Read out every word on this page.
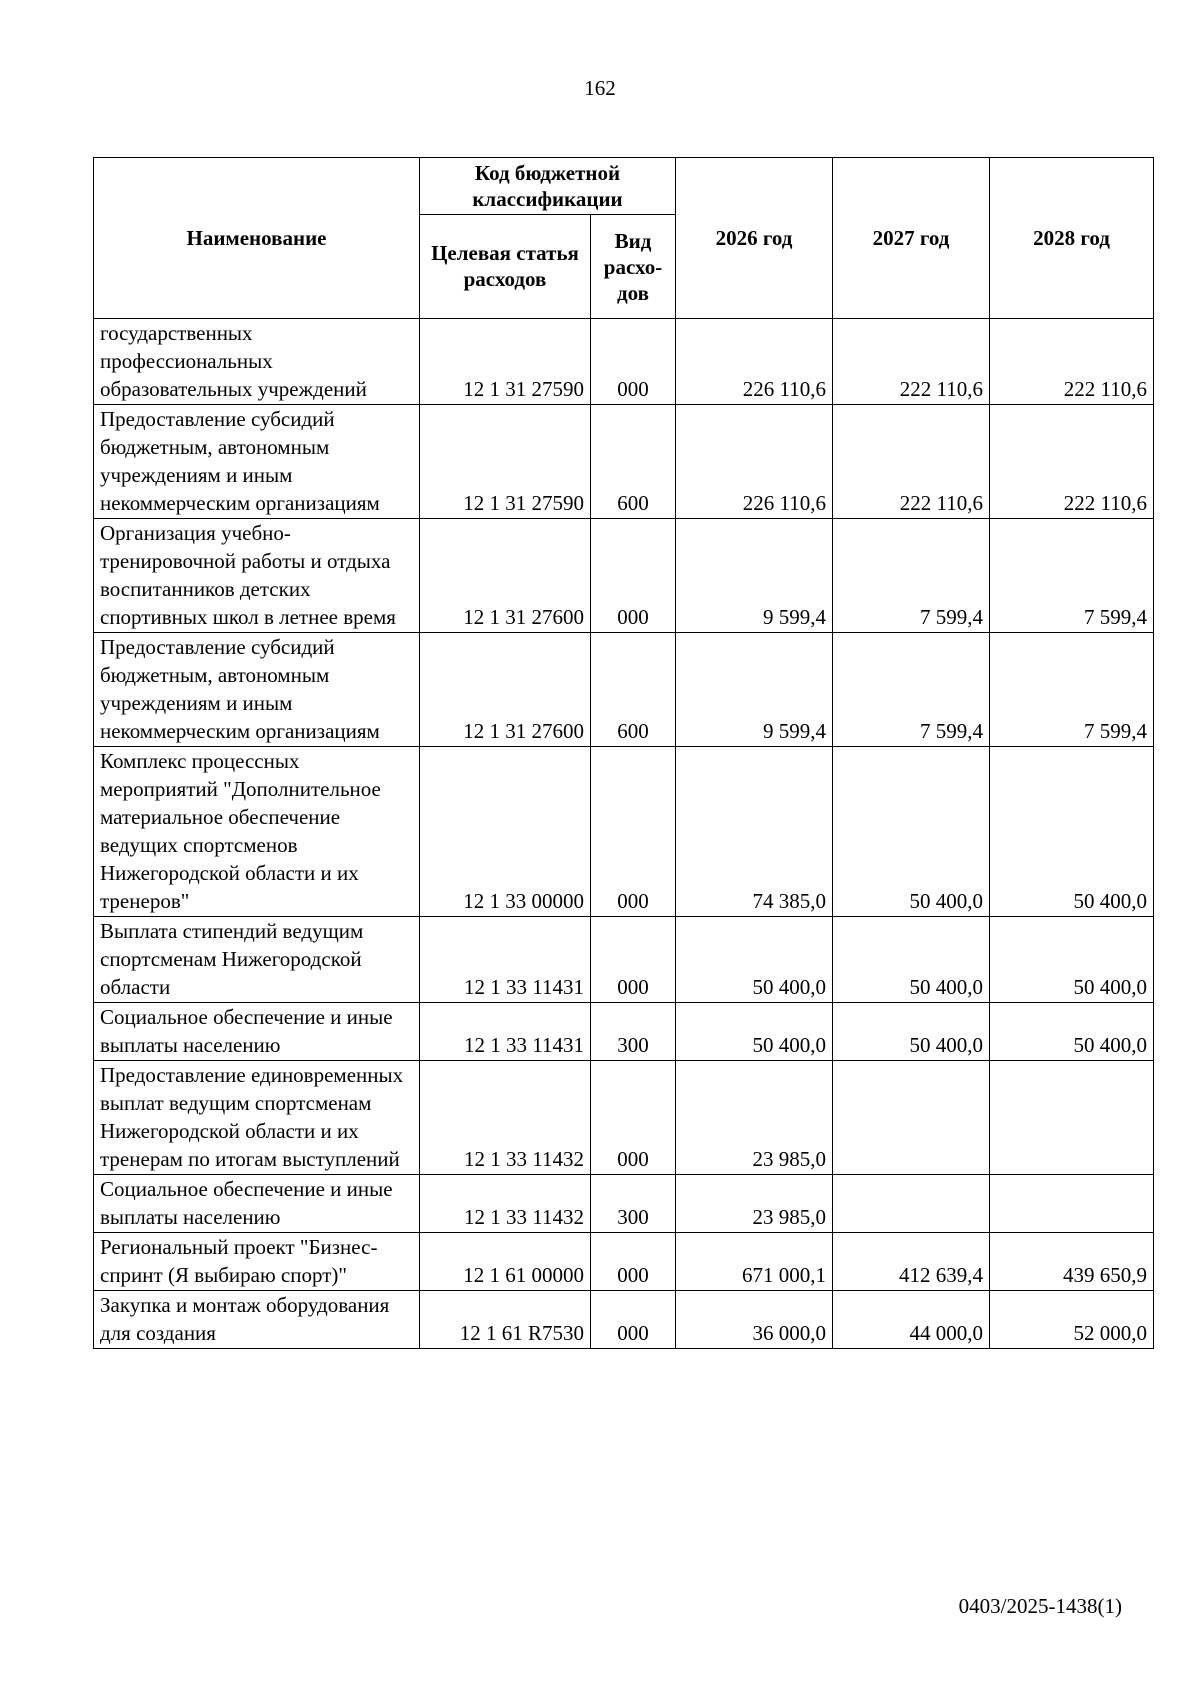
162
Наименование	Код бюджетной классификации		2026 год	2027 год	2028 год
	Целевая статья расходов	Вид расхо-дов			
государственных профессиональных образовательных учреждений	12 1 31 27590	000	226 110,6	222 110,6	222 110,6
Предоставление субсидий бюджетным, автономным учреждениям и иным некоммерческим организациям	12 1 31 27590	600	226 110,6	222 110,6	222 110,6
Организация учебно-тренировочной работы и отдыха воспитанников детских спортивных школ в летнее время	12 1 31 27600	000	9 599,4	7 599,4	7 599,4
Предоставление субсидий бюджетным, автономным учреждениям и иным некоммерческим организациям	12 1 31 27600	600	9 599,4	7 599,4	7 599,4
Комплекс процессных мероприятий "Дополнительное материальное обеспечение ведущих спортсменов Нижегородской области и их тренеров"	12 1 33 00000	000	74 385,0	50 400,0	50 400,0
Выплата стипендий ведущим спортсменам Нижегородской области	12 1 33 11431	000	50 400,0	50 400,0	50 400,0
Социальное обеспечение и иные выплаты населению	12 1 33 11431	300	50 400,0	50 400,0	50 400,0
Предоставление единовременных выплат ведущим спортсменам Нижегородской области и их тренерам по итогам выступлений	12 1 33 11432	000	23 985,0		
Социальное обеспечение и иные выплаты населению	12 1 33 11432	300	23 985,0		
Региональный проект "Бизнес-спринт (Я выбираю спорт)"	12 1 61 00000	000	671 000,1	412 639,4	439 650,9
Закупка и монтаж оборудования для создания	12 1 61 R7530	000	36 000,0	44 000,0	52 000,0
0403/2025-1438(1)
